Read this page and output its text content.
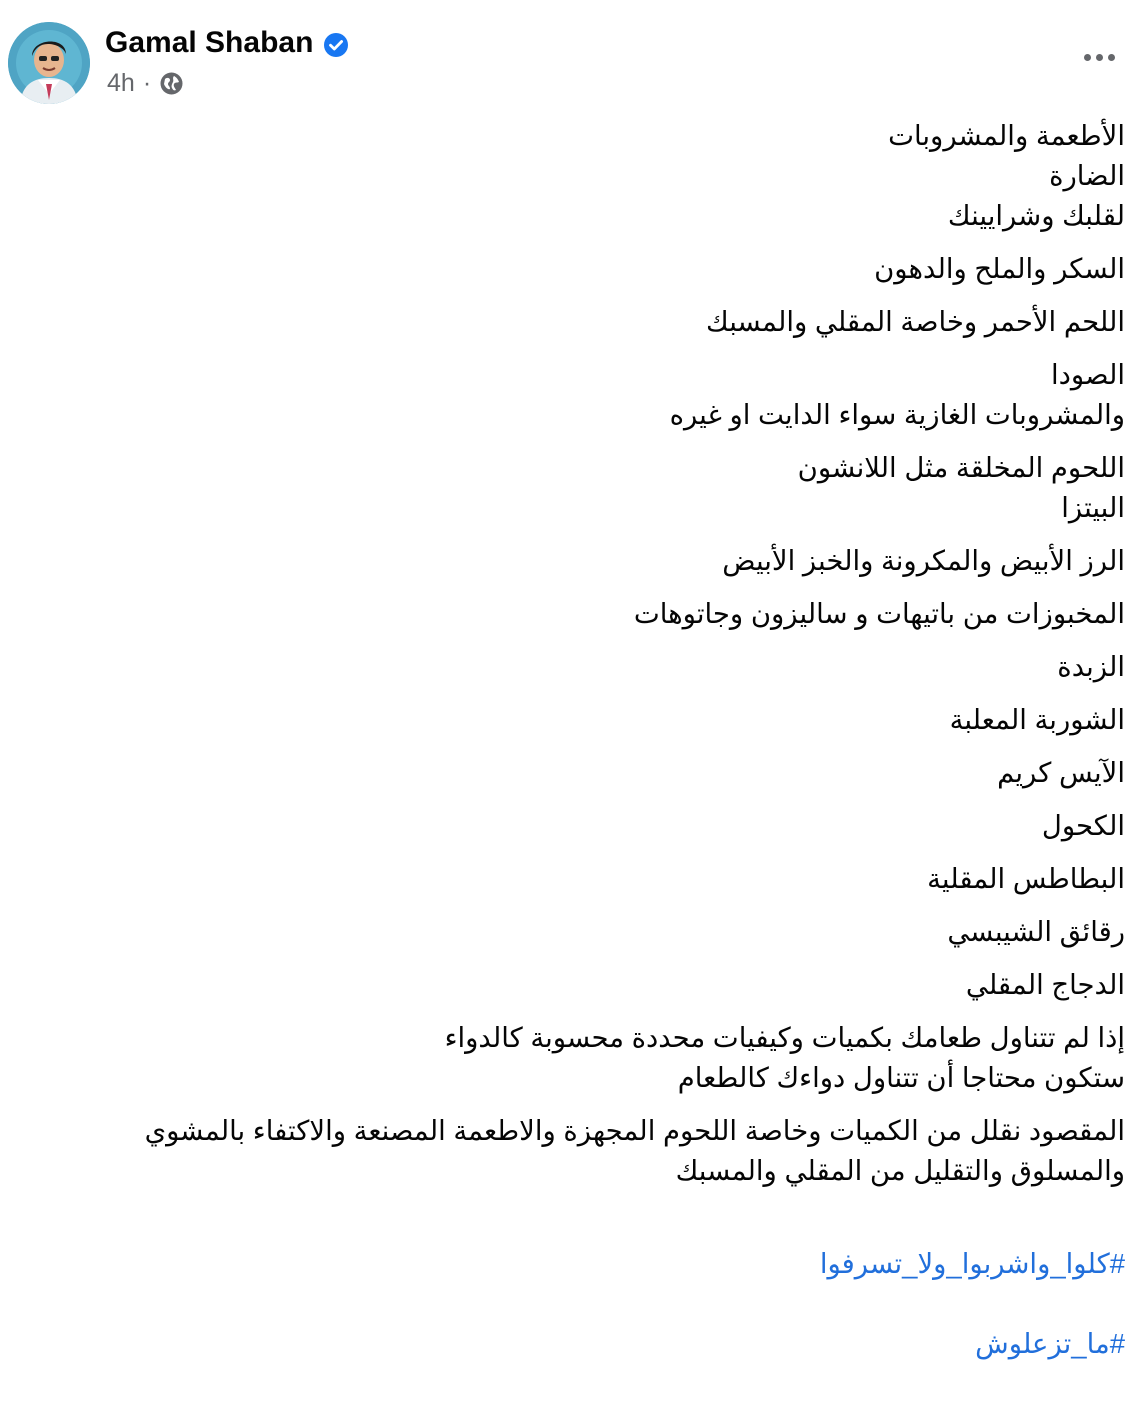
Gamal Shaban
4h ·

الأطعمة والمشروبات
الضارة
لقلبك وشرايينك

السكر والملح والدهون

اللحم الأحمر وخاصة المقلي والمسبك

الصودا
والمشروبات الغازية سواء الدايت او غيره

اللحوم المخلقة مثل اللانشون
البيتزا

الرز الأبيض والمكرونة والخبز الأبيض

المخبوزات من باتيهات و ساليزون وجاتوهات

الزبدة

الشوربة المعلبة

الآيس كريم

الكحول

البطاطس المقلية

رقائق الشيبسي

الدجاج المقلي

إذا لم تتناول طعامك بكميات وكيفيات محددة محسوبة كالدواء
ستكون محتاجا أن تتناول دواءك كالطعام

المقصود نقلل من الكميات وخاصة اللحوم المجهزة والاطعمة المصنعة والاكتفاء بالمشوي والمسلوق والتقليل من المقلي والمسبك

#كلوا_واشربوا_ولا_تسرفوا

#ما_تزعلوش
